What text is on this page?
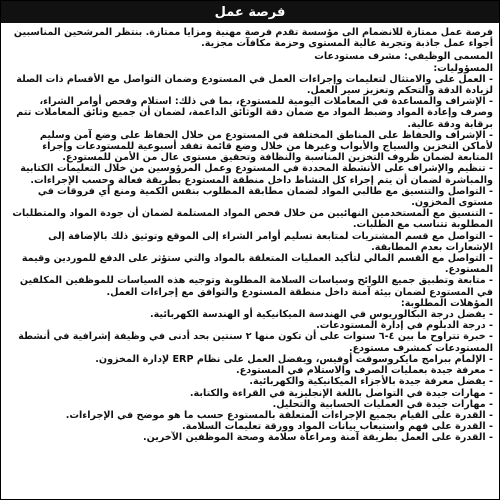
فرصة عمل

فرصة عمل ممتازة للانضمام الى مؤسسة تقدم فرصة مهنية ومزايا ممتازة. بنتظر المرشحين المناسبين أجواء عمل جاذبة وتجربة عالية المستوى وحزمة مكافآت مجزية.

المسمى الوظيفي: مشرف مستودعات

المسؤوليات:

- العمل على والامتثال لتعليمات وإجراءات العمل في المستودع وضمان التواصل مع الأقسام ذات الصلة لزيادة الدقة والتحكم وتعزيز سير العمل.

- الإشراف والمساعدة في المعاملات اليومية للمستودع، بما في ذلك: استلام وفحص أوامر الشراء، وصرف وإعادة المواد وضبط المواد مع ضمان دقة الوثائق الداعمة، لضمان أن جميع وثائق المعاملات تتم برقابة ودقة عالية.

- الإشراف والحفاظ على المناطق المختلفة في المستودع من خلال الحفاظ على وضع آمن وسليم لأماكن التخزين والسياج والأبواب وغيرها من خلال وضع قائمة تفقد أسبوعية للمستودعات وإجراء المتابعة لضمان ظروف التخزين المناسبة والنظافة وتحقيق مستوى عال من الأمن للمستودع.

- تنظيم والإشراف على الأنشطة المحددة في المستودع وعمل المرؤوسين من خلال التعليمات الكتابية والمباشرة لضمان أن يتم إجراء كل النشاط داخل منطقة المستودع بطريقة فعالة وحسب الإجراءات.

- التواصل والتنسيق مع طالبي المواد لضمان مطابقة المطلوب بنفس الكمية ومنع أي فروقات في مستوى المخزون.

- التنسيق مع المستخدمين النهائيين من خلال فحص المواد المستلمة لضمان أن جودة المواد والمتطلبات المطلوبة تتناسب مع الطلبات.

- التواصل مع قسم المشتريات لمتابعة تسليم أوامر الشراء إلى الموقع وتوثيق ذلك بالإضافة إلى الإشعارات بعدم المطابقة.

- التواصل مع القسم المالي لتأكيد العمليات المتعلقة بالمواد والتي ستؤثر على الدفع للموردين وقيمة المستودع.

- متابعة وتطبيق جميع اللوائح وسياسات السلامة المطلوبة وتوجيه هذه السياسات للموظفين المكلفين في المستودع لضمان بيئة آمنة داخل منطقة المستودع والتوافق مع إجراءات العمل.

المؤهلات المطلوبة:

- يفضل درجة البكالوريوس في الهندسة الميكانيكية أو الهندسة الكهربائية.

- درجة الدبلوم في إدارة المستودعات.

- خبرة تتراوح ما بين ٤-٦ سنوات على أن تكون منها ٢ سنتين بحد أدنى في وظيفة إشرافية في أنشطة المستودعات كمشرف مستودع.

- الإلمام ببرامج مايكروسوفت أوفيس، ويفضل العمل على نظام ERP لإدارة المخزون.

- معرفة جيدة بعمليات الصرف والاستلام في المستودع.

- يفضل معرفة جيدة بالأجزاء الميكانيكية والكهربائية.

- مهارات جيدة في التواصل باللغة الإنجليزية في القراءة والكتابة.

- مهارات جيدة في العمليات الحسابية والتحليل.

- القدرة على القيام بجميع الإجراءات المتعلقة بالمستودع حسب ما هو موضح في الإجراءات.

- القدرة على فهم واستيعاب بيانات المواد وورقة تعليمات السلامة.

- القدرة على العمل بطريقة آمنة ومراعاة سلامة وصحة الموظفين الآخرين.
